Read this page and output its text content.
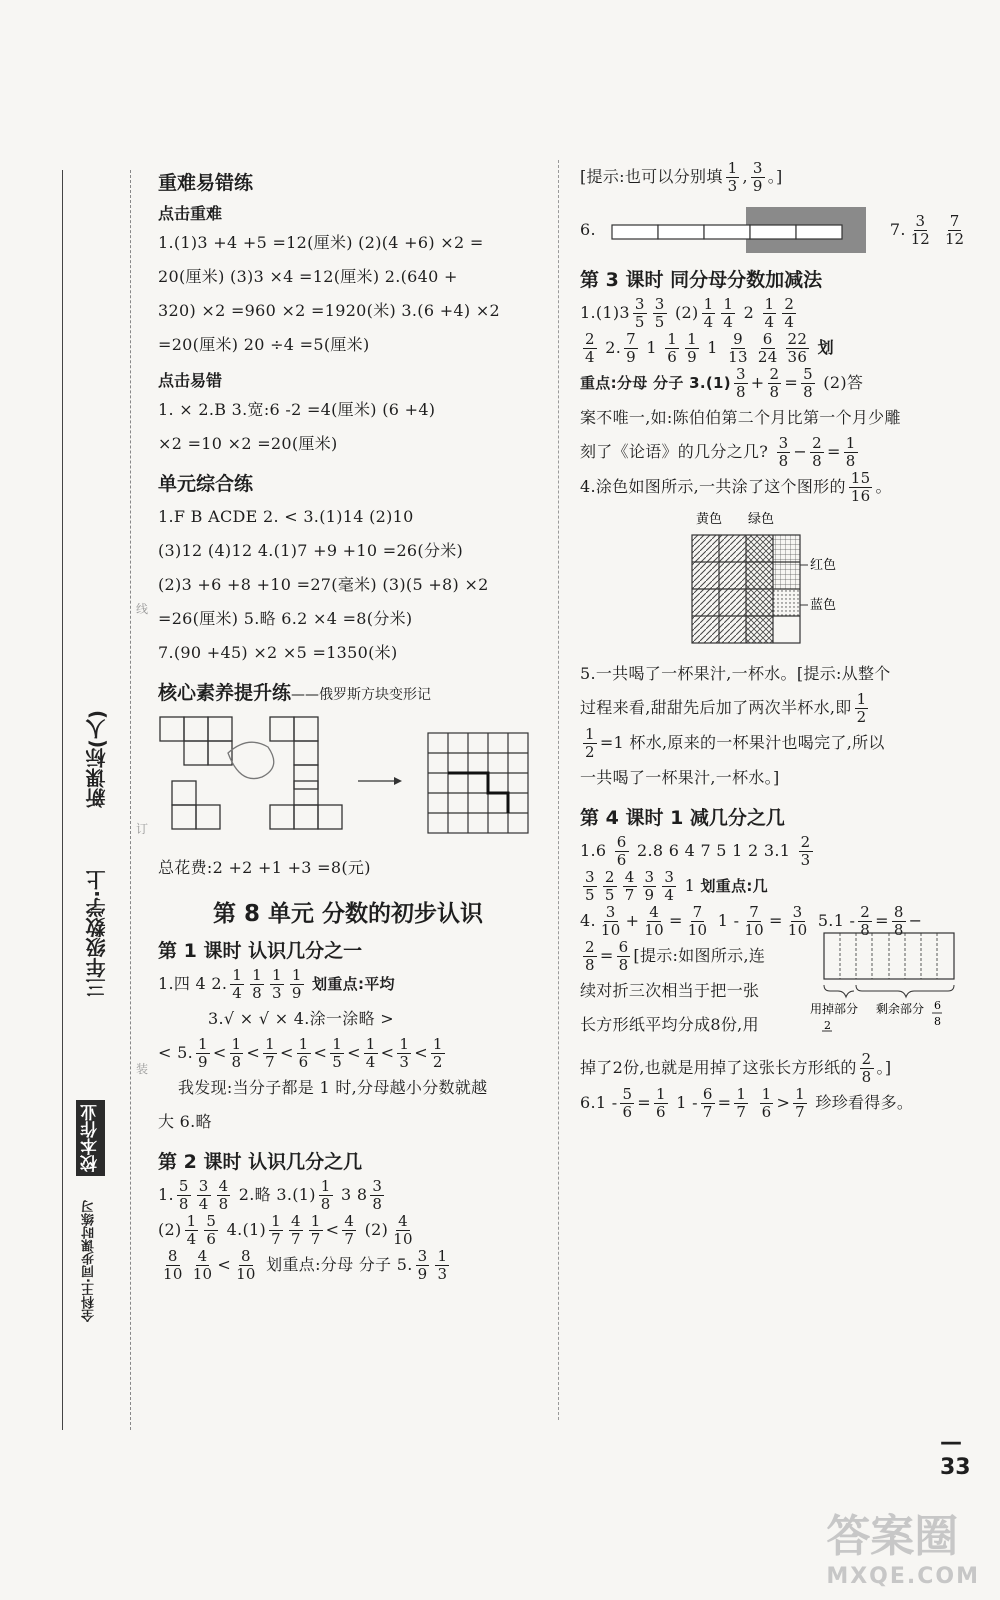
新课标(人)
三年级数学·上
校本作业
全科王·同步课时练习
线
订
装
重难易错练
点击重难

1.(1)3 +4 +5 =12(厘米) (2)(4 +6) ×2 =

20(厘米) (3)3 ×4 =12(厘米) 2.(640 +

320) ×2 =960 ×2 =1920(米) 3.(6 +4) ×2

=20(厘米) 20 ÷4 =5(厘米)

点击易错

1. × 2.B 3.宽:6 -2 =4(厘米) (6 +4)

×2 =10 ×2 =20(厘米)

单元综合练

1.F B ACDE 2. < 3.(1)14 (2)10

(3)12 (4)12 4.(1)7 +9 +10 =26(分米)

(2)3 +6 +8 +10 =27(毫米) (3)(5 +8) ×2

=26(厘米) 5.略 6.2 ×4 =8(分米)

7.(90 +45) ×2 ×5 =1350(米)

核心素养提升练——俄罗斯方块变形记

总花费:2 +2 +1 +3 =8(元)

第 8 单元 分数的初步认识
第 1 课时 认识几分之一

1.四 4 2. $\frac{1}{4} \frac{1}{8} \frac{1}{3} \frac{1}{9}$ 划重点:平均

3.√ × √ × 4.涂一涂略 >

< 5. $\frac{1}{9} < \frac{1}{8} < \frac{1}{7} < \frac{1}{6} < \frac{1}{5} < \frac{1}{4} < \frac{1}{3} < \frac{1}{2}$

我发现:当分子都是 1 时,分母越小分数就越

大 6.略

第 2 课时 认识几分之几

1. $\frac{5}{8} \frac{3}{4} \frac{4}{8} 2$.略 $3.(1) \frac{1}{8} 3$ $8 \frac{3}{8}$

$(2) \frac{1}{4} \frac{5}{6} 4.(1) \frac{1}{7} \frac{4}{7} \frac{1}{7} < \frac{4}{7} (2) \frac{4}{10}$

$\frac{8}{10} \frac{4}{10} < \frac{8}{10}$ 划重点:分母 分子 5. $\frac{3}{9} \frac{1}{3}$

[提示:也可以分别填 $\frac{1}{3}$ , $\frac{3}{9}$ 。]

6.	7. $\frac{3}{12}$
$\frac{7}{12}$
第 3 课时 同分母分数加减法

$1.(1)3 \frac{3}{5} \frac{3}{5} (2) \frac{1}{4} \frac{1}{4} 2 \frac{1}{4} \frac{2}{4}$

$\frac{2}{4} 2$. $\frac{7}{9} 1 \frac{1}{6} \frac{1}{9} 1 \frac{9}{13} \frac{6}{24} \frac{22}{36}$ 划

重点:分母 分子 $3.(1) \frac{3}{8} + \frac{2}{8} = \frac{5}{8} (2)$答

案不唯一,如:陈伯伯第二个月比第一个月少雕

刻了《论语》的几分之几? $\frac{3}{8} - \frac{2}{8} = \frac{1}{8}$

4.涂色如图所示,一共涂了这个图形的 $\frac{15}{16}$ 。

黄色 绿色
红色
蓝色

5.一共喝了一杯果汁,一杯水。[提示:从整个

过程来看,甜甜先后加了两次半杯水,即 $\frac{1}{2}$

$\frac{1}{2} =1$ 杯水,原来的一杯果汁也喝完了,所以

一共喝了一杯果汁,一杯水。]

第 4 课时 1 减几分之几

$1.6 \frac{6}{6} 2.8$ 6 4 7 5 1 2 $3.1 \frac{2}{3}$

$\frac{3}{5} \frac{2}{5} \frac{4}{7} \frac{3}{9} \frac{3}{4} 1$ 划重点:几

4. $\frac{3}{10} + \frac{4}{10} = \frac{7}{10} 1 - \frac{7}{10} = \frac{3}{10} 5.1 - \frac{2}{8} = \frac{8}{8}$ −

$\frac{2}{8} = \frac{6}{8}$ [提示:如图所示,连

续对折三次相当于把一张

长方形纸平均分成8份,用

用掉部分 剩余部分 6
8
2

掉了2份,也就是用掉了这张长方形纸的 $\frac{2}{8}$ 。]

$6.1 - \frac{5}{6} = \frac{1}{6} 1 - \frac{6}{7} = \frac{1}{7}$
$\frac{1}{6} > \frac{1}{7}$ 珍珍看得多。

— 33
答案圈
MXQE.COM
